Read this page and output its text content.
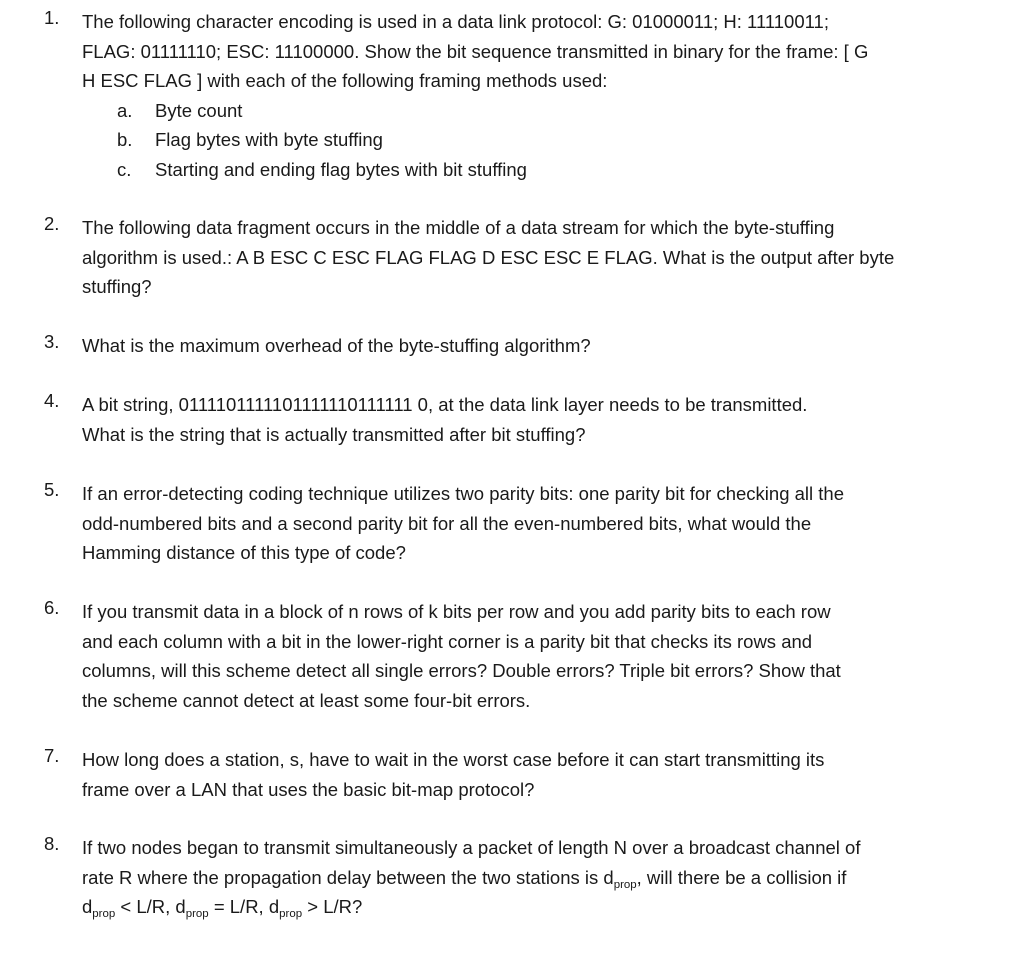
1.	The following character encoding is used in a data link protocol: G: 01000011; H: 11110011;
FLAG: 01111110; ESC: 11100000. Show the bit sequence transmitted in binary for the frame: [ G
H ESC FLAG ] with each of the following framing methods used:
a. Byte count
b. Flag bytes with byte stuffing
c. Starting and ending flag bytes with bit stuffing
2.	The following data fragment occurs in the middle of a data stream for which the byte-stuffing
algorithm is used.: A B ESC C ESC FLAG FLAG D ESC ESC E FLAG. What is the output after byte
stuffing?
3.	What is the maximum overhead of the byte-stuffing algorithm?
4.	A bit string, 0111101111101111110111111 0, at the data link layer needs to be transmitted.
What is the string that is actually transmitted after bit stuffing?
5.	If an error-detecting coding technique utilizes two parity bits: one parity bit for checking all the
odd-numbered bits and a second parity bit for all the even-numbered bits, what would the
Hamming distance of this type of code?
6.	If you transmit data in a block of n rows of k bits per row and you add parity bits to each row
and each column with a bit in the lower-right corner is a parity bit that checks its rows and
columns, will this scheme detect all single errors? Double errors? Triple bit errors? Show that
the scheme cannot detect at least some four-bit errors.
7.	How long does a station, s, have to wait in the worst case before it can start transmitting its
frame over a LAN that uses the basic bit-map protocol?
8.	If two nodes began to transmit simultaneously a packet of length N over a broadcast channel of
rate R where the propagation delay between the two stations is $d_{prop}$, will there be a collision if
$d_{prop} < L/R$, $d_{prop} = L/R$, $d_{prop} > L/R$?
